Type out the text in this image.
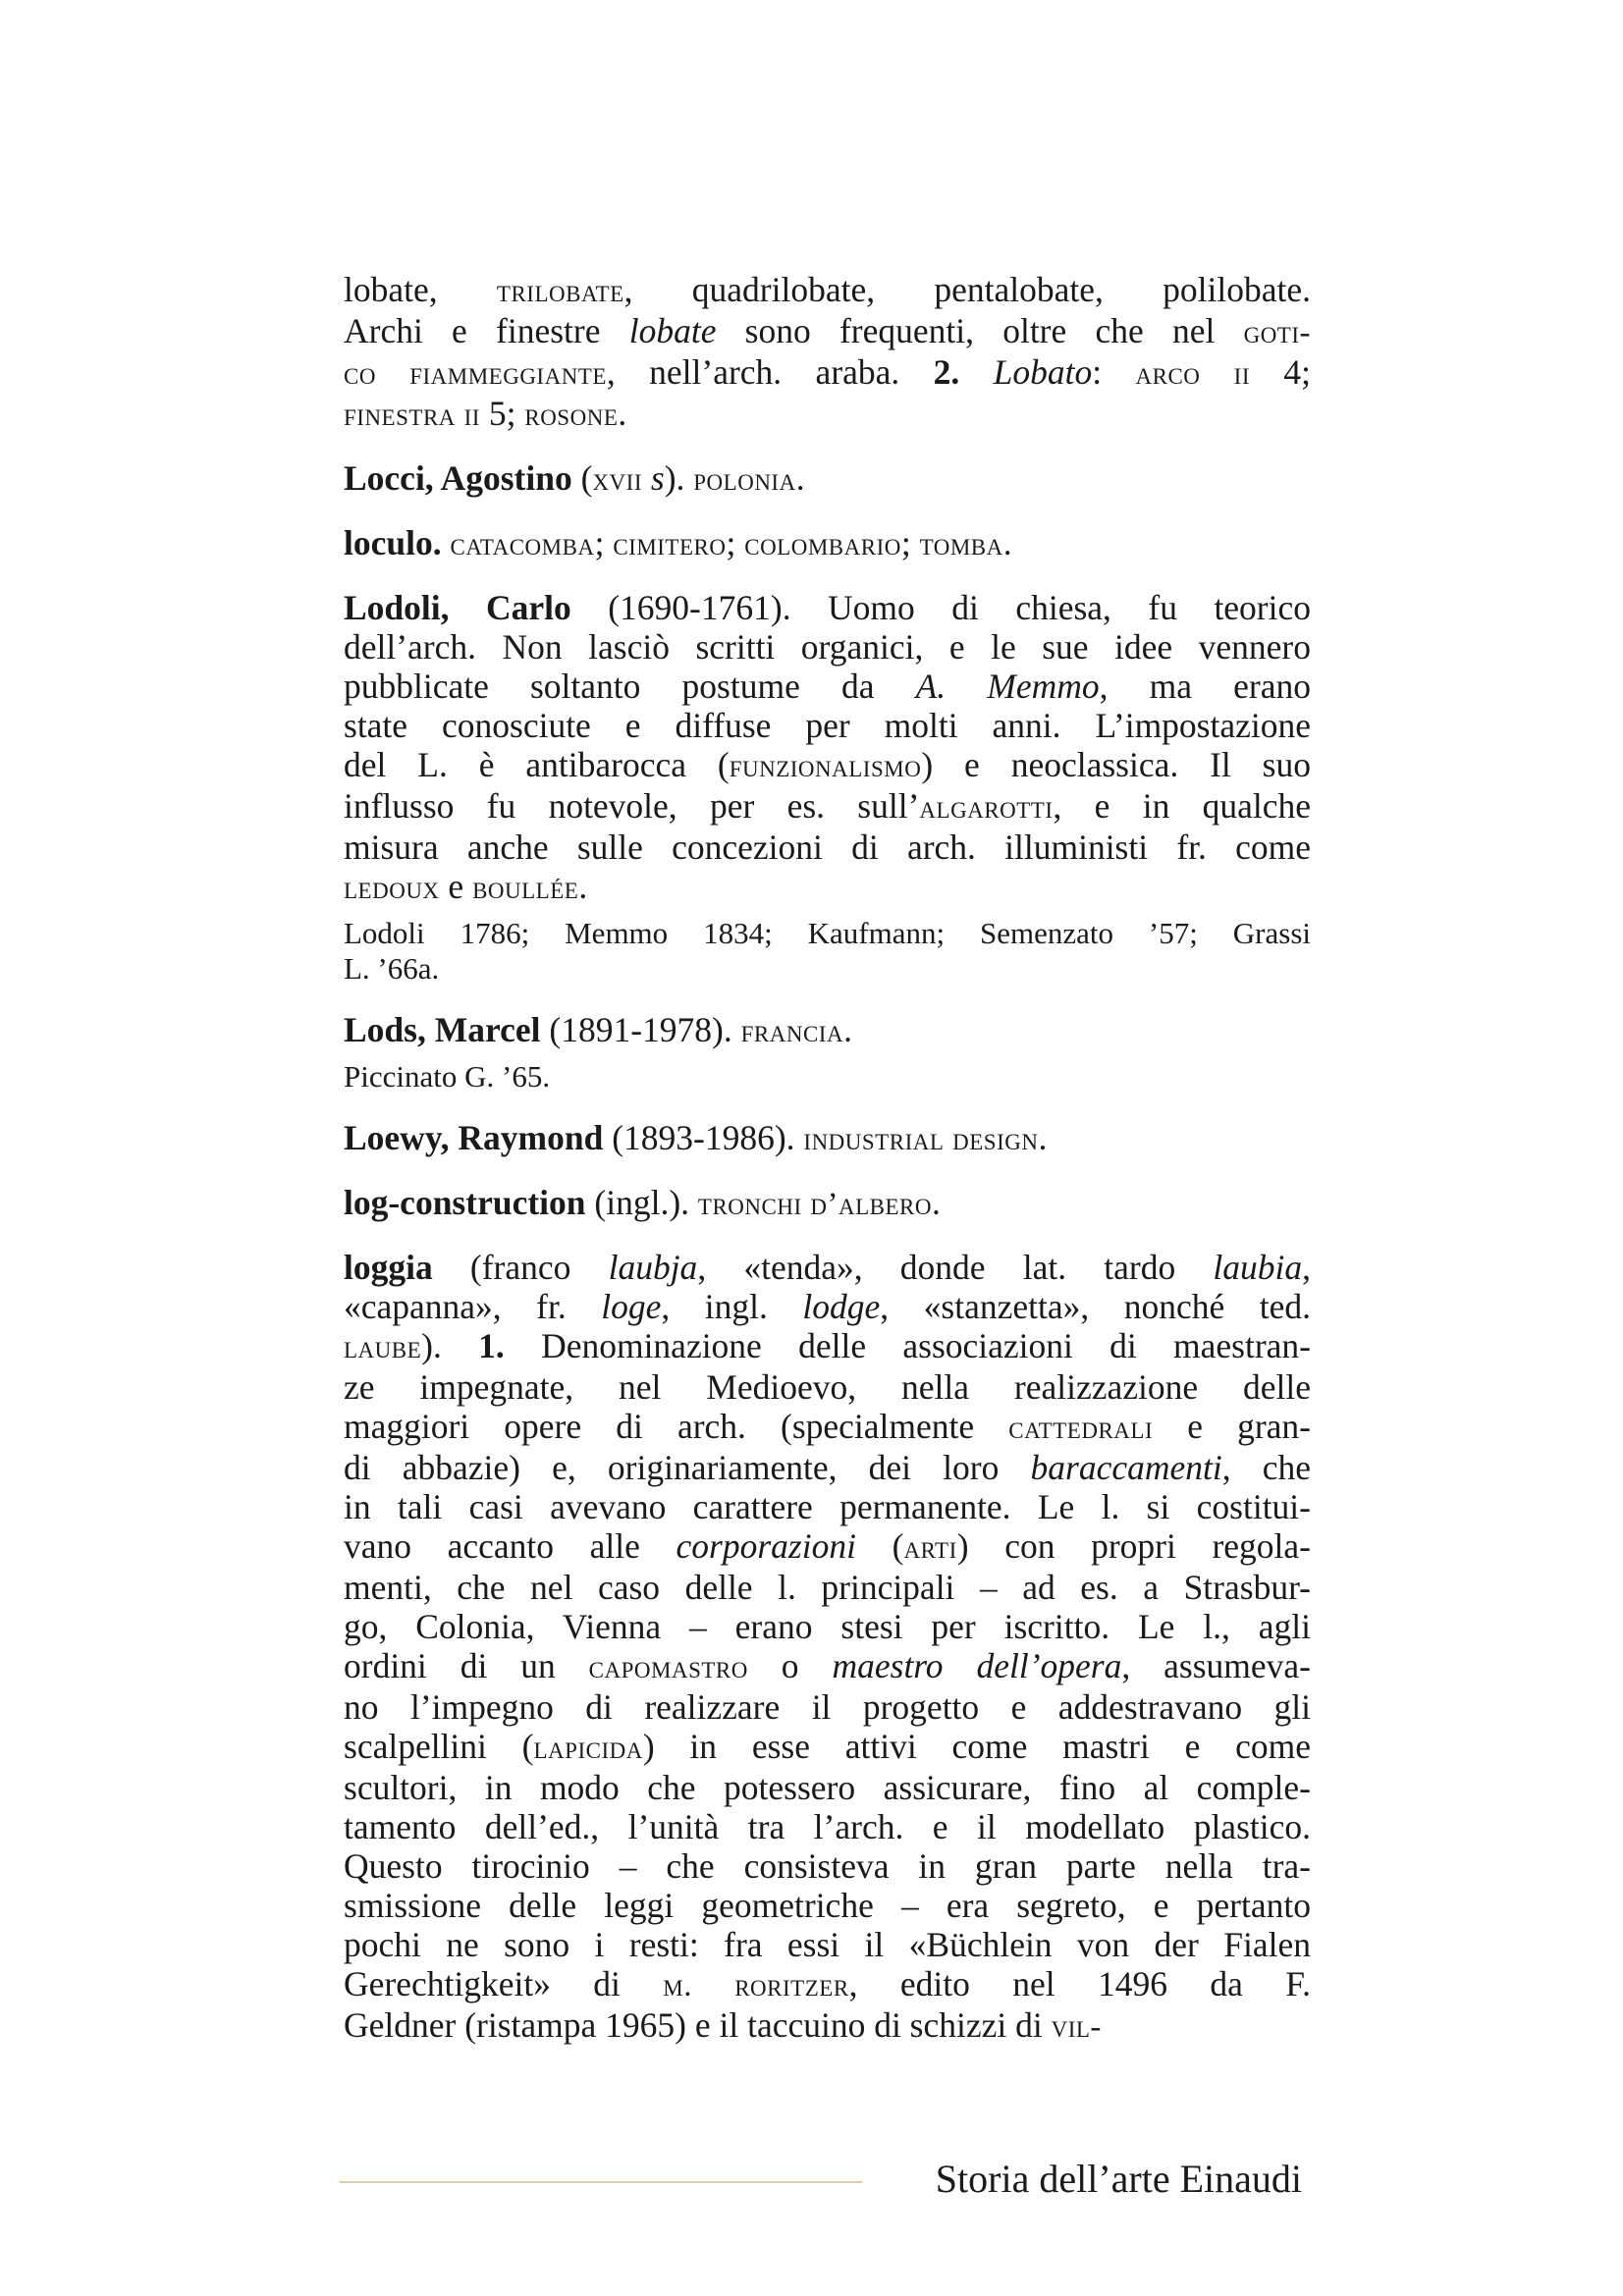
lobate, trilobate, quadrilobate, pentalobate, polilobate.
Archi e finestre lobate sono frequenti, oltre che nel goti-
co fiammeggiante, nell’arch. araba. 2. Lobato: arco ii 4;
finestra ii 5; rosone.

Locci, Agostino (xvii s). polonia.

loculo. catacomba; cimitero; colombario; tomba.

Lodoli, Carlo (1690-1761). Uomo di chiesa, fu teorico
dell’arch. Non lasciò scritti organici, e le sue idee vennero
pubblicate soltanto postume da A. Memmo, ma erano
state conosciute e diffuse per molti anni. L’impostazione
del L. è antibarocca (funzionalismo) e neoclassica. Il suo
influsso fu notevole, per es. sull’algarotti, e in qualche
misura anche sulle concezioni di arch. illuministi fr. come
ledoux e boullée.

Lodoli 1786; Memmo 1834; Kaufmann; Semenzato ’57; Grassi
L. ’66a.

Lods, Marcel (1891-1978). francia.

Piccinato G. ’65.

Loewy, Raymond (1893-1986). industrial design.

log-construction (ingl.). tronchi d’albero.

loggia (franco laubja, «tenda», donde lat. tardo laubia,
«capanna», fr. loge, ingl. lodge, «stanzetta», nonché ted.
laube). 1. Denominazione delle associazioni di maestran-
ze impegnate, nel Medioevo, nella realizzazione delle
maggiori opere di arch. (specialmente cattedrali e gran-
di abbazie) e, originariamente, dei loro baraccamenti, che
in tali casi avevano carattere permanente. Le l. si costitui-
vano accanto alle corporazioni (arti) con propri regola-
menti, che nel caso delle l. principali – ad es. a Strasbur-
go, Colonia, Vienna – erano stesi per iscritto. Le l., agli
ordini di un capomastro o maestro dell’opera, assumeva-
no l’impegno di realizzare il progetto e addestravano gli
scalpellini (lapicida) in esse attivi come mastri e come
scultori, in modo che potessero assicurare, fino al comple-
tamento dell’ed., l’unità tra l’arch. e il modellato plastico.
Questo tirocinio – che consisteva in gran parte nella tra-
smissione delle leggi geometriche – era segreto, e pertanto
pochi ne sono i resti: fra essi il «Büchlein von der Fialen
Gerechtigkeit» di m. roritzer, edito nel 1496 da F.
Geldner (ristampa 1965) e il taccuino di schizzi di vil-

Storia dell’arte Einaudi
